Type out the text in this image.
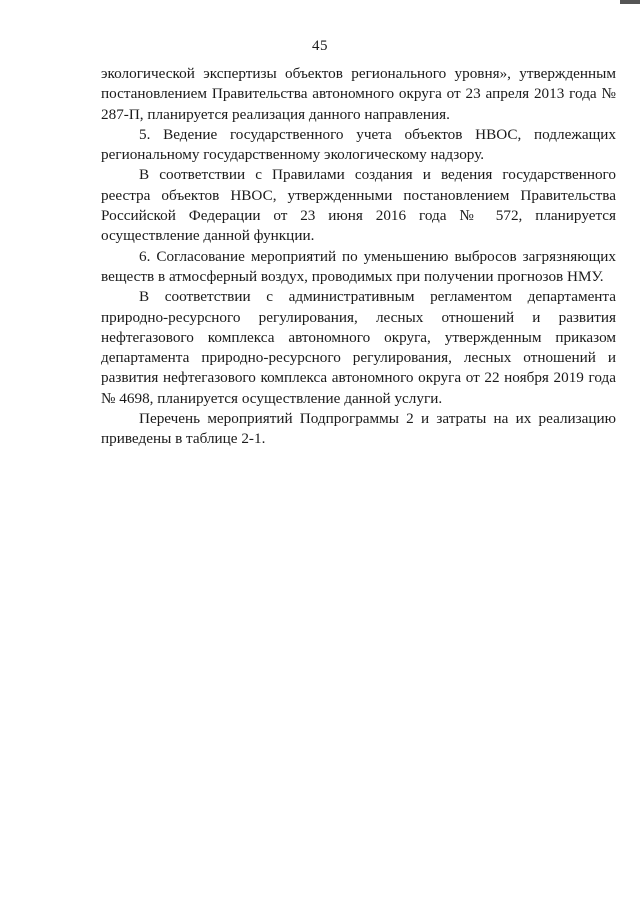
45

экологической экспертизы объектов регионального уровня», утвержденным постановлением Правительства автономного округа от 23 апреля 2013 года № 287-П, планируется реализация данного направления.

5. Ведение государственного учета объектов НВОС, подлежащих региональному государственному экологическому надзору.

В соответствии с Правилами создания и ведения государственного реестра объектов НВОС, утвержденными постановлением Правительства Российской Федерации от 23 июня 2016 года № 572, планируется осуществление данной функции.

6. Согласование мероприятий по уменьшению выбросов загрязняющих веществ в атмосферный воздух, проводимых при получении прогнозов НМУ.

В соответствии с административным регламентом департамента природно-ресурсного регулирования, лесных отношений и развития нефтегазового комплекса автономного округа, утвержденным приказом департамента природно-ресурсного регулирования, лесных отношений и развития нефтегазового комплекса автономного округа от 22 ноября 2019 года № 4698, планируется осуществление данной услуги.

Перечень мероприятий Подпрограммы 2 и затраты на их реализацию приведены в таблице 2-1.
